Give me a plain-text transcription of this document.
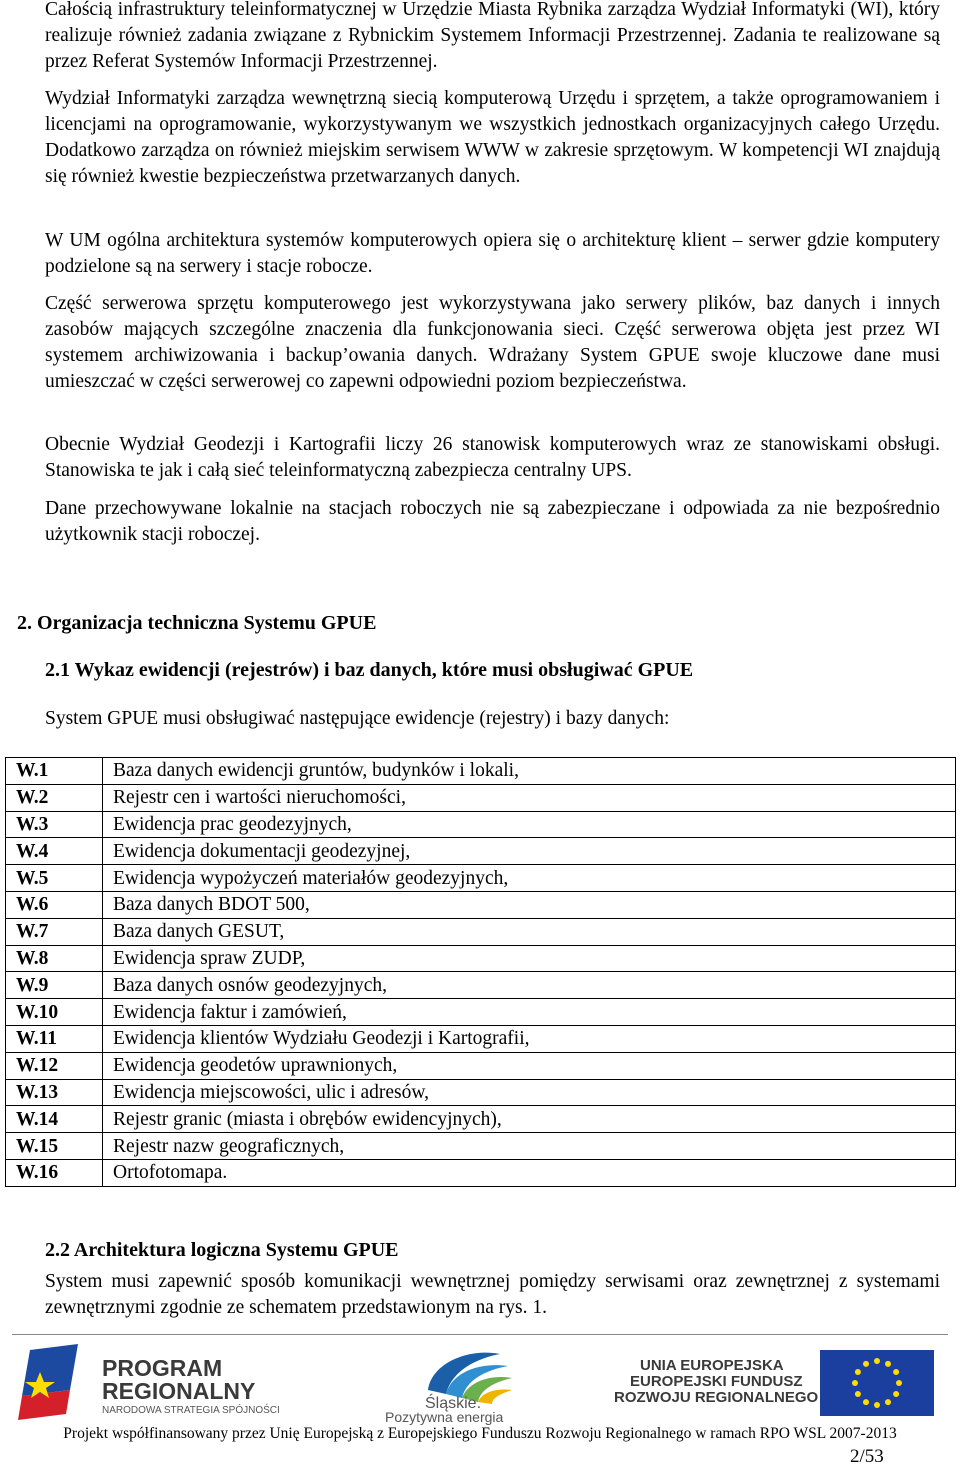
Całością infrastruktury teleinformatycznej w Urzędzie Miasta Rybnika zarządza Wydział Informatyki (WI), który realizuje również zadania związane z Rybnickim Systemem Informacji Przestrzennej. Zadania te realizowane są przez Referat Systemów Informacji Przestrzennej.

Wydział Informatyki zarządza wewnętrzną siecią komputerową Urzędu i sprzętem, a także oprogramowaniem i licencjami na oprogramowanie, wykorzystywanym we wszystkich jednostkach organizacyjnych całego Urzędu. Dodatkowo zarządza on również miejskim serwisem WWW w zakresie sprzętowym. W kompetencji WI znajdują się również kwestie bezpieczeństwa przetwarzanych danych.

W UM ogólna architektura systemów komputerowych opiera się o architekturę klient – serwer gdzie komputery podzielone są na serwery i stacje robocze.

Część serwerowa sprzętu komputerowego jest wykorzystywana jako serwery plików, baz danych i innych zasobów mających szczególne znaczenia dla funkcjonowania sieci. Część serwerowa objęta jest przez WI systemem archiwizowania i backup’owania danych. Wdrażany System GPUE swoje kluczowe dane musi umieszczać w części serwerowej co zapewni odpowiedni poziom bezpieczeństwa.

Obecnie Wydział Geodezji i Kartografii liczy 26 stanowisk komputerowych wraz ze stanowiskami obsługi. Stanowiska te jak i całą sieć teleinformatyczną zabezpiecza centralny UPS.

Dane przechowywane lokalnie na stacjach roboczych nie są zabezpieczane i odpowiada za nie bezpośrednio użytkownik stacji roboczej.

2. Organizacja techniczna Systemu GPUE
2.1 Wykaz ewidencji (rejestrów) i baz danych, które musi obsługiwać GPUE

System GPUE musi obsługiwać następujące ewidencje (rejestry) i bazy danych:

2.2 Architektura logiczna Systemu GPUE

System musi zapewnić sposób komunikacji wewnętrznej pomiędzy serwisami oraz zewnętrznej z systemami zewnętrznymi zgodnie ze schematem przedstawionym na rys. 1.

W.1	Baza danych ewidencji gruntów, budynków i lokali,
W.2	Rejestr cen i wartości nieruchomości,
W.3	Ewidencja prac geodezyjnych,
W.4	Ewidencja dokumentacji geodezyjnej,
W.5	Ewidencja wypożyczeń materiałów geodezyjnych,
W.6	Baza danych BDOT 500,
W.7	Baza danych GESUT,
W.8	Ewidencja spraw ZUDP,
W.9	Baza danych osnów geodezyjnych,
W.10	Ewidencja faktur i zamówień,
W.11	Ewidencja klientów Wydziału Geodezji i Kartografii,
W.12	Ewidencja geodetów uprawnionych,
W.13	Ewidencja miejscowości, ulic i adresów,
W.14	Rejestr granic (miasta i obrębów ewidencyjnych),
W.15	Rejestr nazw geograficznych,
W.16	Ortofotomapa.
PROGRAM
REGIONALNY
NARODOWA STRATEGIA SPÓJNOŚCI	Śląskie.
Pozytywna energia
UNIA EUROPEJSKA
EUROPEJSKI FUNDUSZ
ROZWOJU REGIONALNEGO
Projekt współfinansowany przez Unię Europejską z Europejskiego Funduszu Rozwoju Regionalnego w ramach RPO WSL 2007-2013
2/53
